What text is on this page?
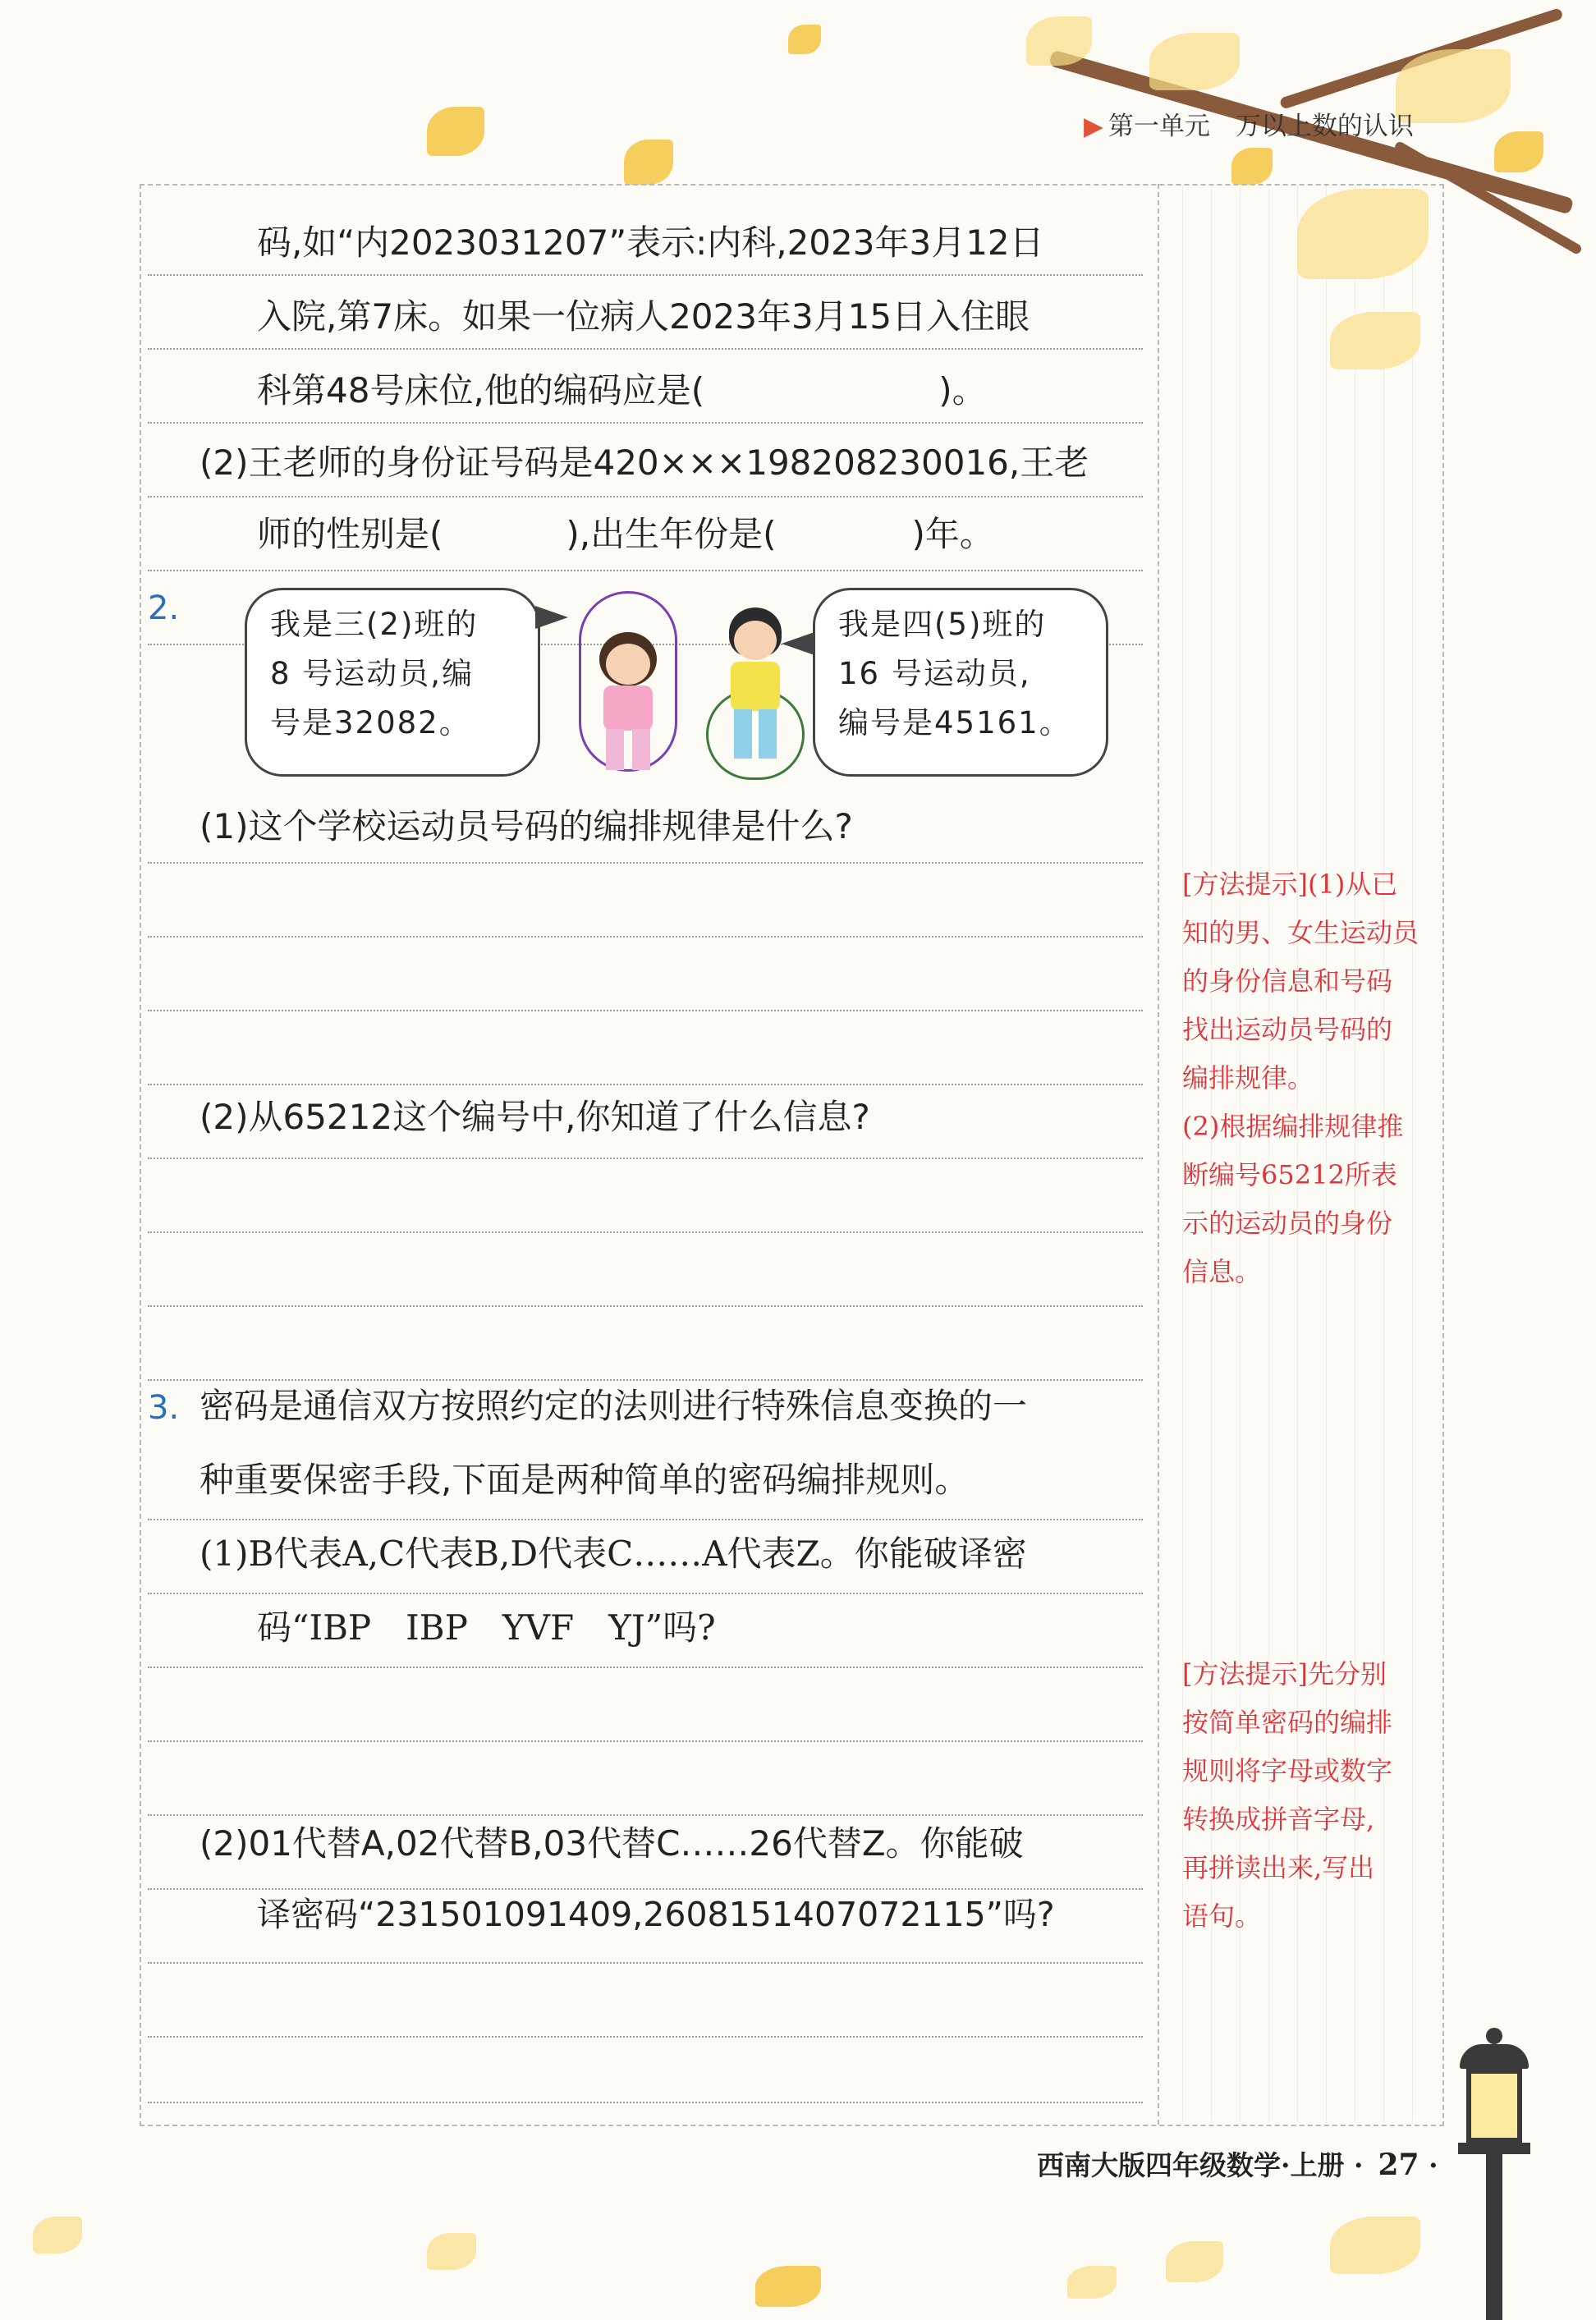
▶ 第一单元　万以上数的认识
码,如“内2023031207”表示:内科,2023年3月12日
入院,第7床。如果一位病人2023年3月15日入住眼
科第48号床位,他的编码应是(	)。
(2)王老师的身份证号码是420×××198208230016,王老
师的性别是(	),出生年份是(	)年。
2.	我是三(2)班的
8 号运动员,编
号是32082。
我是四(5)班的
16 号运动员,
编号是45161。
(1)这个学校运动员号码的编排规律是什么?
(2)从65212这个编号中,你知道了什么信息?
3. 密码是通信双方按照约定的法则进行特殊信息变换的一
种重要保密手段,下面是两种简单的密码编排规则。
(1)B代表A,C代表B,D代表C……A代表Z。你能破译密
码“IBP　IBP　YVF　YJ”吗?
(2)01代替A,02代替B,03代替C……26代替Z。你能破
译密码“231501091409,2608151407072115”吗?
[方法提示](1)从已
知的男、女生运动员
的身份信息和号码
找出运动员号码的
编排规律。
(2)根据编排规律推
断编号65212所表
示的运动员的身份
信息。
[方法提示]先分别
按简单密码的编排
规则将字母或数字
转换成拼音字母,
再拼读出来,写出
语句。
西南大版四年级数学·上册 · 27 ·
